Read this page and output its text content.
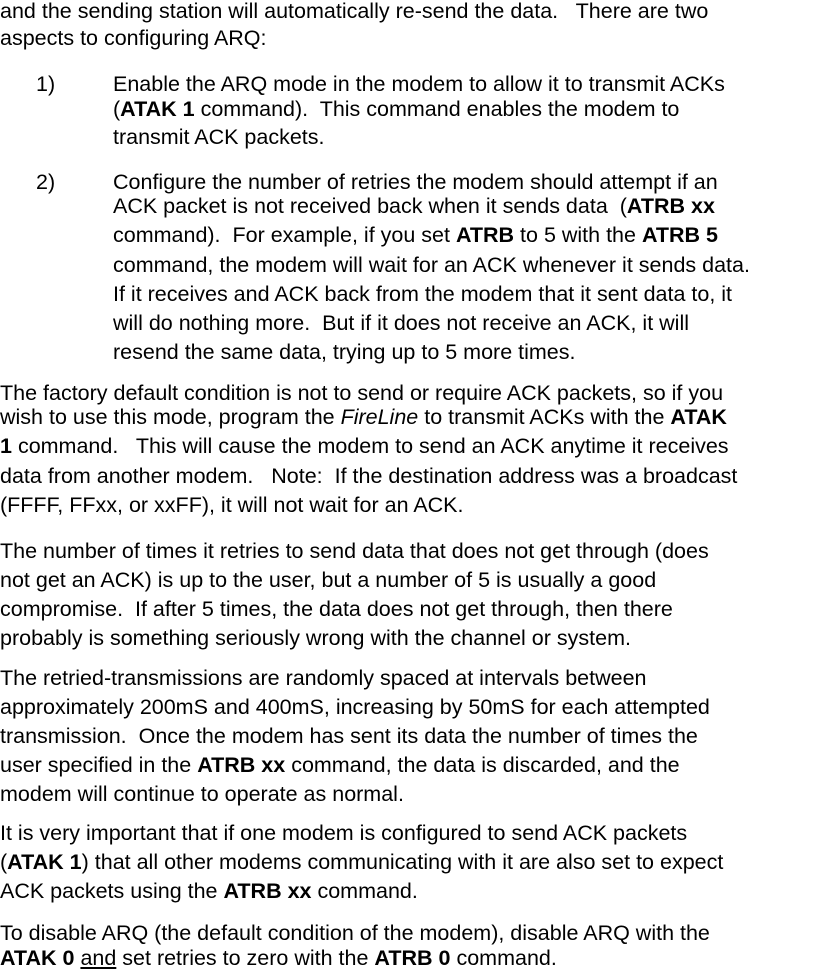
and the sending station will automatically re-send the data.   There are two
aspects to configuring ARQ:
1)	Enable the ARQ mode in the modem to allow it to transmit ACKs
(ATAK 1 command).  This command enables the modem to
transmit ACK packets.
2)	Configure the number of retries the modem should attempt if an
ACK packet is not received back when it sends data  (ATRB xx
command).  For example, if you set ATRB to 5 with the ATRB 5
command, the modem will wait for an ACK whenever it sends data.
If it receives and ACK back from the modem that it sent data to, it
will do nothing more.  But if it does not receive an ACK, it will
resend the same data, trying up to 5 more times.
The factory default condition is not to send or require ACK packets, so if you
wish to use this mode, program the FireLine to transmit ACKs with the ATAK
1 command.   This will cause the modem to send an ACK anytime it receives
data from another modem.   Note:  If the destination address was a broadcast
(FFFF, FFxx, or xxFF), it will not wait for an ACK.
The number of times it retries to send data that does not get through (does
not get an ACK) is up to the user, but a number of 5 is usually a good
compromise.  If after 5 times, the data does not get through, then there
probably is something seriously wrong with the channel or system.
The retried-transmissions are randomly spaced at intervals between
approximately 200mS and 400mS, increasing by 50mS for each attempted
transmission.  Once the modem has sent its data the number of times the
user specified in the ATRB xx command, the data is discarded, and the
modem will continue to operate as normal.
It is very important that if one modem is configured to send ACK packets
(ATAK 1) that all other modems communicating with it are also set to expect
ACK packets using the ATRB xx command.
To disable ARQ (the default condition of the modem), disable ARQ with the
ATAK 0 and set retries to zero with the ATRB 0 command.
